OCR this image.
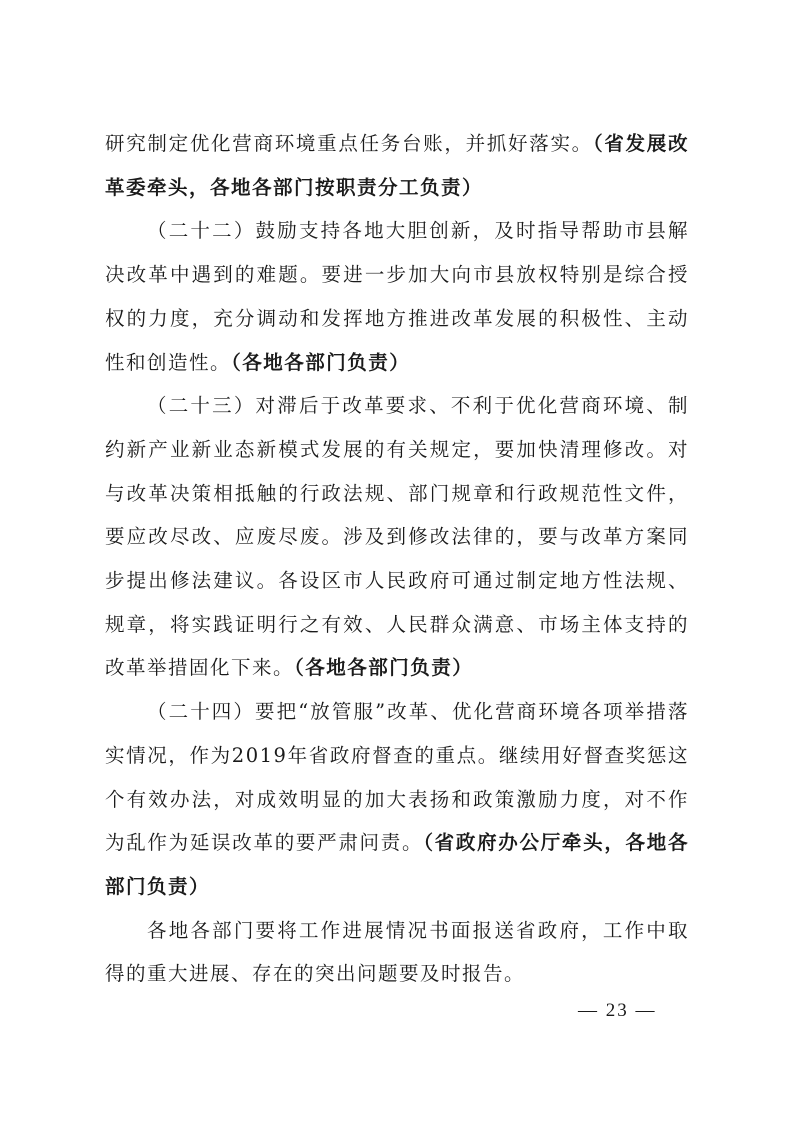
研究制定优化营商环境重点任务台账，并抓好落实。（省发展改革委牵头，各地各部门按职责分工负责）

（二十二）鼓励支持各地大胆创新，及时指导帮助市县解决改革中遇到的难题。要进一步加大向市县放权特别是综合授权的力度，充分调动和发挥地方推进改革发展的积极性、主动性和创造性。（各地各部门负责）

（二十三）对滞后于改革要求、不利于优化营商环境、制约新产业新业态新模式发展的有关规定，要加快清理修改。对与改革决策相抵触的行政法规、部门规章和行政规范性文件，要应改尽改、应废尽废。涉及到修改法律的，要与改革方案同步提出修法建议。各设区市人民政府可通过制定地方性法规、规章，将实践证明行之有效、人民群众满意、市场主体支持的改革举措固化下来。（各地各部门负责）

（二十四）要把“放管服”改革、优化营商环境各项举措落实情况，作为2019年省政府督查的重点。继续用好督查奖惩这个有效办法，对成效明显的加大表扬和政策激励力度，对不作为乱作为延误改革的要严肃问责。（省政府办公厅牵头，各地各部门负责）

各地各部门要将工作进展情况书面报送省政府，工作中取得的重大进展、存在的突出问题要及时报告。

— 23 —
